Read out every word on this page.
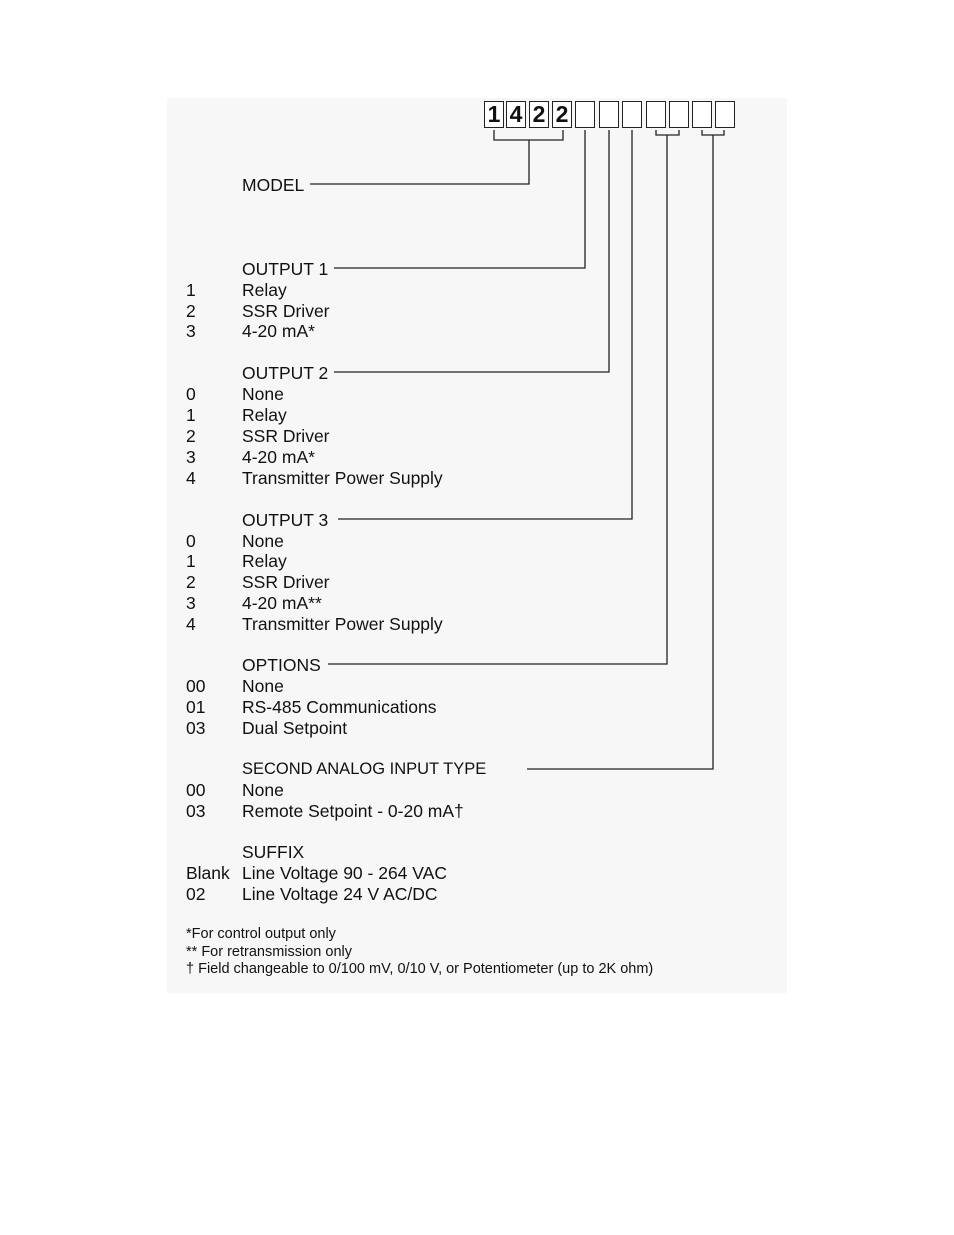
1 4 2 2
MODEL
OUTPUT 1
1	Relay
2	SSR Driver
3	4-20 mA*
OUTPUT 2
0	None
1	Relay
2	SSR Driver
3	4-20 mA*
4	Transmitter Power Supply
OUTPUT 3
0	None
1	Relay
2	SSR Driver
3	4-20 mA**
4	Transmitter Power Supply
OPTIONS
00 None
01 RS-485 Communications
03 Dual Setpoint
SECOND ANALOG INPUT TYPE
00 None
03 Remote Setpoint - 0-20 mA†
SUFFIX
Blank Line Voltage 90 - 264 VAC
02 Line Voltage 24 V AC/DC
*For control output only
** For retransmission only
† Field changeable to 0/100 mV, 0/10 V, or Potentiometer (up to 2K ohm)
